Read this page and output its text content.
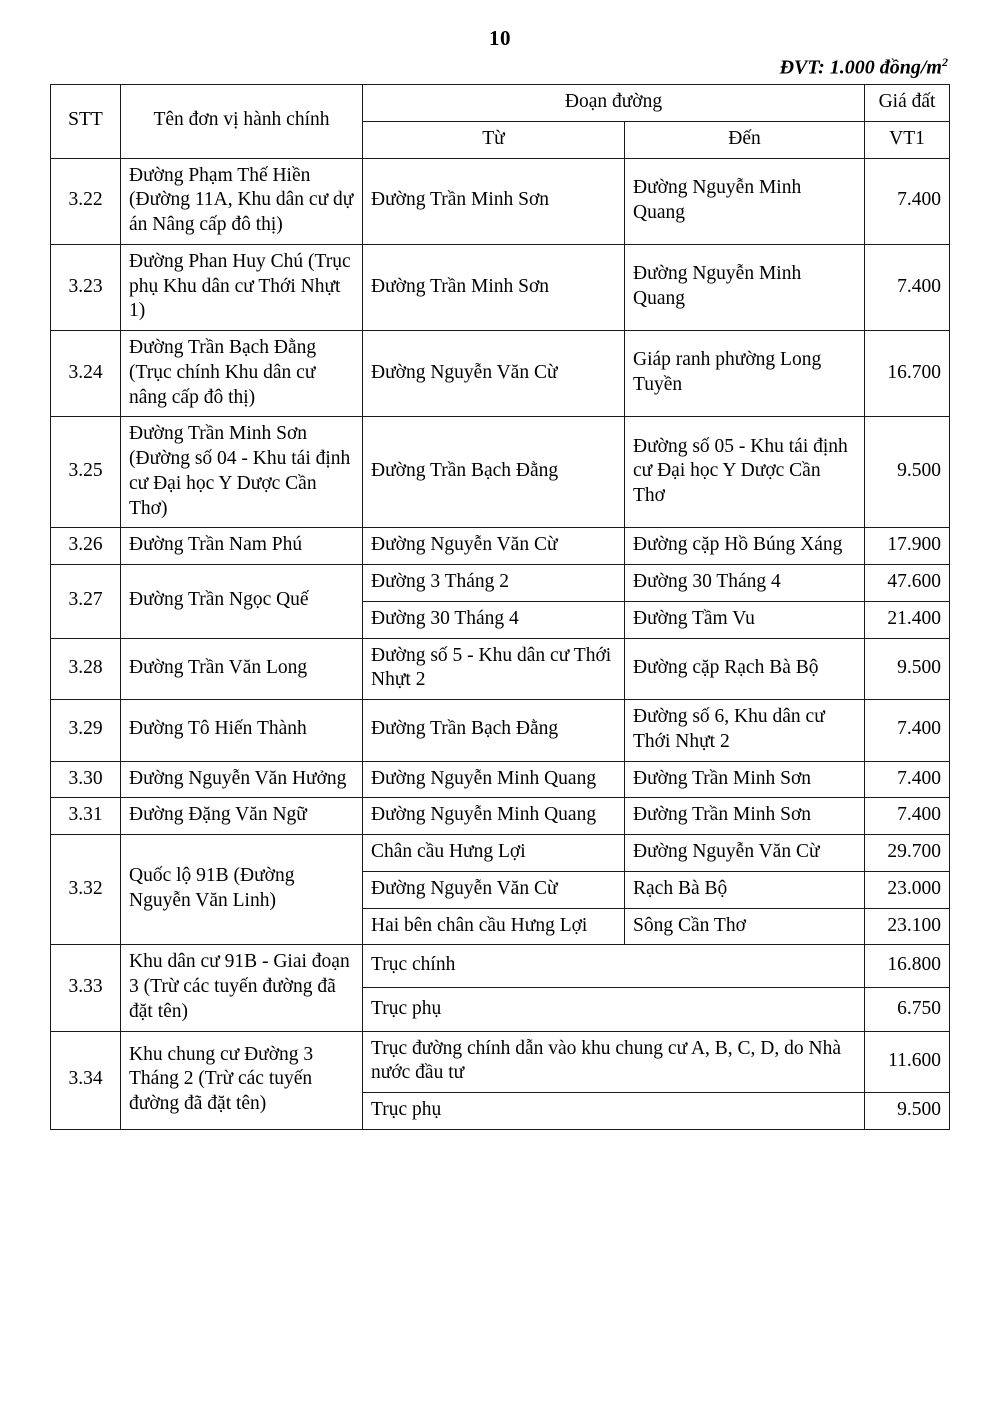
10
ĐVT: 1.000 đồng/$m^2$
STT	Tên đơn vị hành chính	Đoạn đường		Giá đất
		Từ	Đến	VT1
3.22	Đường Phạm Thế Hiền (Đường 11A, Khu dân cư dự án Nâng cấp đô thị)	Đường Trần Minh Sơn	Đường Nguyễn Minh Quang	7.400
3.23	Đường Phan Huy Chú (Trục phụ Khu dân cư Thới Nhựt 1)	Đường Trần Minh Sơn	Đường Nguyễn Minh Quang	7.400
3.24	Đường Trần Bạch Đằng (Trục chính Khu dân cư nâng cấp đô thị)	Đường Nguyễn Văn Cừ	Giáp ranh phường Long Tuyền	16.700
3.25	Đường Trần Minh Sơn (Đường số 04 - Khu tái định cư Đại học Y Dược Cần Thơ)	Đường Trần Bạch Đằng	Đường số 05 - Khu tái định cư Đại học Y Dược Cần Thơ	9.500
3.26	Đường Trần Nam Phú	Đường Nguyễn Văn Cừ	Đường cặp Hồ Búng Xáng	17.900
3.27	Đường Trần Ngọc Quế	Đường 3 Tháng 2	Đường 30 Tháng 4	47.600
		Đường 30 Tháng 4	Đường Tầm Vu	21.400
3.28	Đường Trần Văn Long	Đường số 5 - Khu dân cư Thới Nhựt 2	Đường cặp Rạch Bà Bộ	9.500
3.29	Đường Tô Hiến Thành	Đường Trần Bạch Đằng	Đường số 6, Khu dân cư Thới Nhựt 2	7.400
3.30	Đường Nguyễn Văn Hưởng	Đường Nguyễn Minh Quang	Đường Trần Minh Sơn	7.400
3.31	Đường Đặng Văn Ngữ	Đường Nguyễn Minh Quang	Đường Trần Minh Sơn	7.400
3.32	Quốc lộ 91B (Đường Nguyễn Văn Linh)	Chân cầu Hưng Lợi	Đường Nguyễn Văn Cừ	29.700
		Đường Nguyễn Văn Cừ	Rạch Bà Bộ	23.000
		Hai bên chân cầu Hưng Lợi	Sông Cần Thơ	23.100
3.33	Khu dân cư 91B - Giai đoạn 3 (Trừ các tuyến đường đã đặt tên)	Trục chính		16.800
		Trục phụ		6.750
3.34	Khu chung cư Đường 3 Tháng 2 (Trừ các tuyến đường đã đặt tên)	Trục đường chính dẫn vào khu chung cư A, B, C, D, do Nhà nước đầu tư		11.600
		Trục phụ		9.500
